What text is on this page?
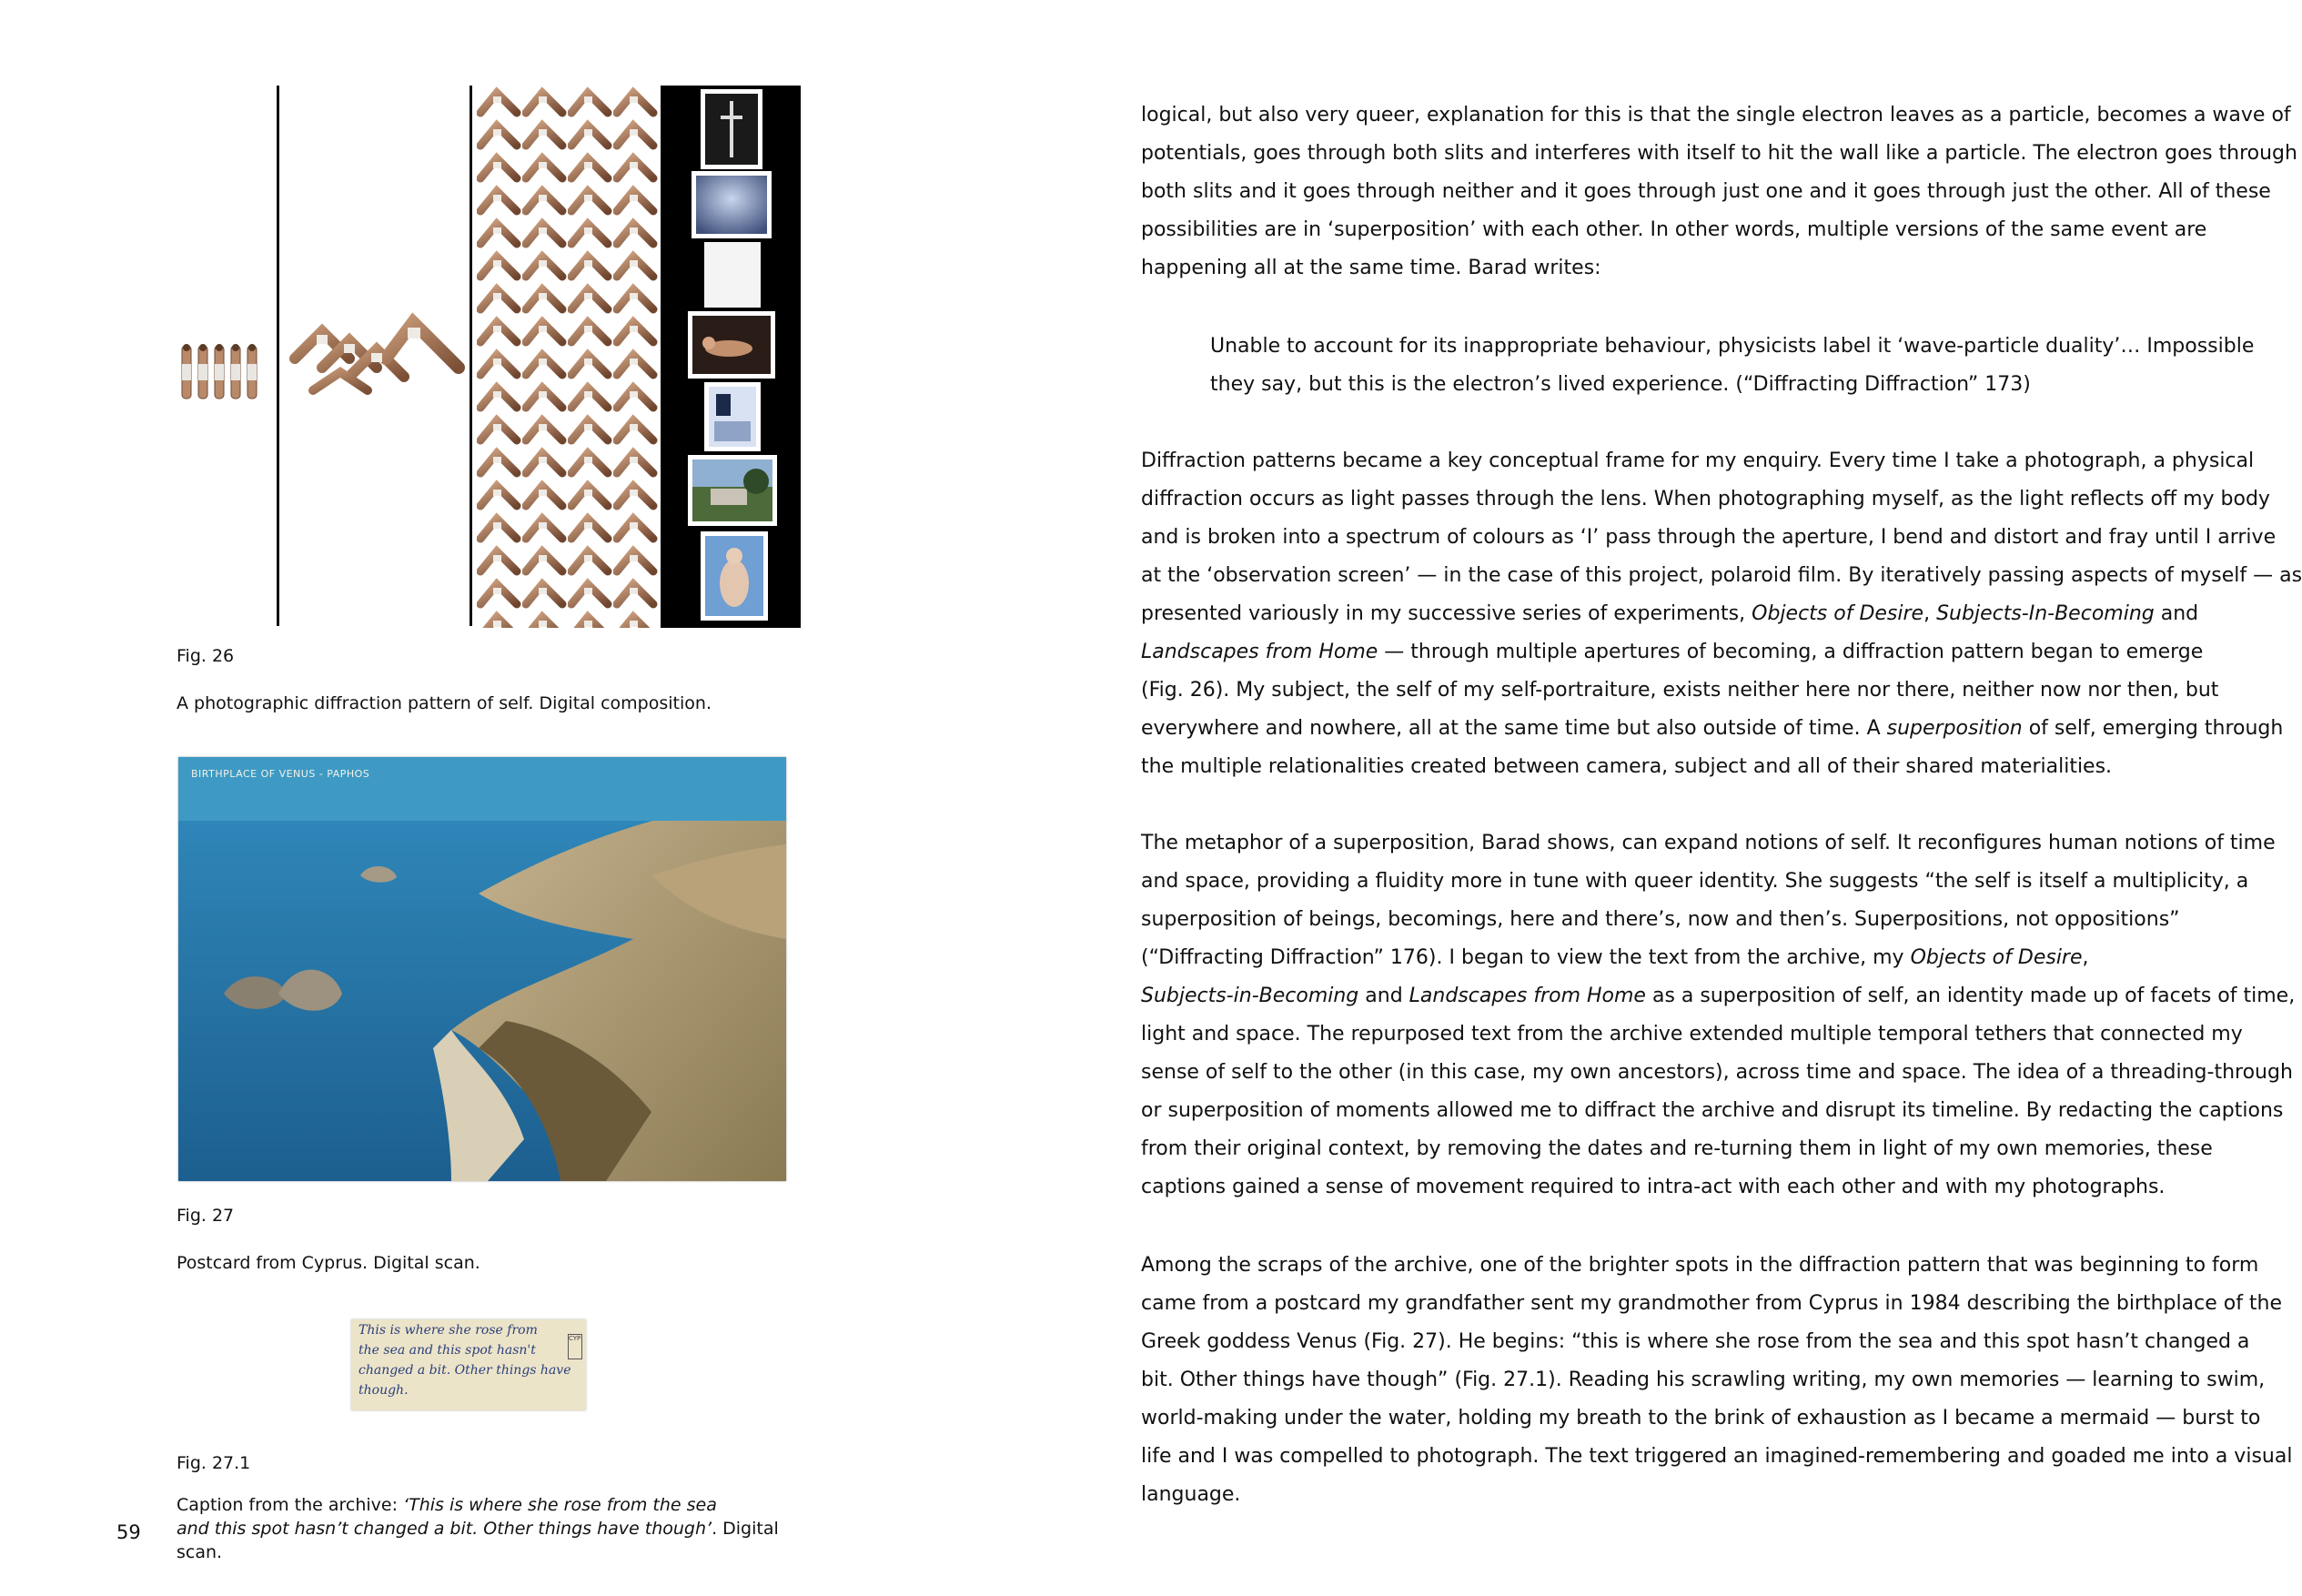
Fig. 26
A photographic diffraction pattern of self. Digital composition.
BIRTHPLACE OF VENUS - PAPHOS
Fig. 27
Postcard from Cyprus. Digital scan.
This is where she rose from
the sea and this spot hasn't
changed a bit. Other things have
though.
CYP
Fig. 27.1
Caption from the archive: ‘This is where she rose from the sea
and this spot hasn’t changed a bit. Other things have though’. Digital scan.
59
logical, but also very queer, explanation for this is that the single electron leaves as a particle, becomes a wave of
potentials, goes through both slits and interferes with itself to hit the wall like a particle. The electron goes through
both slits and it goes through neither and it goes through just one and it goes through just the other. All of these
possibilities are in ‘superposition’ with each other. In other words, multiple versions of the same event are
happening all at the same time. Barad writes:
Unable to account for its inappropriate behaviour, physicists label it ‘wave-particle duality’… Impossible
they say, but this is the electron’s lived experience. (“Diffracting Diffraction” 173)
Diffraction patterns became a key conceptual frame for my enquiry. Every time I take a photograph, a physical
diffraction occurs as light passes through the lens. When photographing myself, as the light reflects off my body
and is broken into a spectrum of colours as ‘I’ pass through the aperture, I bend and distort and fray until I arrive
at the ‘observation screen’ — in the case of this project, polaroid film. By iteratively passing aspects of myself — as
presented variously in my successive series of experiments, Objects of Desire, Subjects-In-Becoming and
Landscapes from Home — through multiple apertures of becoming, a diffraction pattern began to emerge
(Fig. 26). My subject, the self of my self-portraiture, exists neither here nor there, neither now nor then, but
everywhere and nowhere, all at the same time but also outside of time. A superposition of self, emerging through
the multiple relationalities created between camera, subject and all of their shared materialities.
The metaphor of a superposition, Barad shows, can expand notions of self. It reconfigures human notions of time
and space, providing a fluidity more in tune with queer identity. She suggests “the self is itself a multiplicity, a
superposition of beings, becomings, here and there’s, now and then’s. Superpositions, not oppositions”
(“Diffracting Diffraction” 176). I began to view the text from the archive, my Objects of Desire,
Subjects-in-Becoming and Landscapes from Home as a superposition of self, an identity made up of facets of time,
light and space. The repurposed text from the archive extended multiple temporal tethers that connected my
sense of self to the other (in this case, my own ancestors), across time and space. The idea of a threading-through
or superposition of moments allowed me to diffract the archive and disrupt its timeline. By redacting the captions
from their original context, by removing the dates and re-turning them in light of my own memories, these
captions gained a sense of movement required to intra-act with each other and with my photographs.
Among the scraps of the archive, one of the brighter spots in the diffraction pattern that was beginning to form
came from a postcard my grandfather sent my grandmother from Cyprus in 1984 describing the birthplace of the
Greek goddess Venus (Fig. 27). He begins: “this is where she rose from the sea and this spot hasn’t changed a
bit. Other things have though” (Fig. 27.1). Reading his scrawling writing, my own memories — learning to swim,
world-making under the water, holding my breath to the brink of exhaustion as I became a mermaid — burst to
life and I was compelled to photograph. The text triggered an imagined-remembering and goaded me into a visual
language.
